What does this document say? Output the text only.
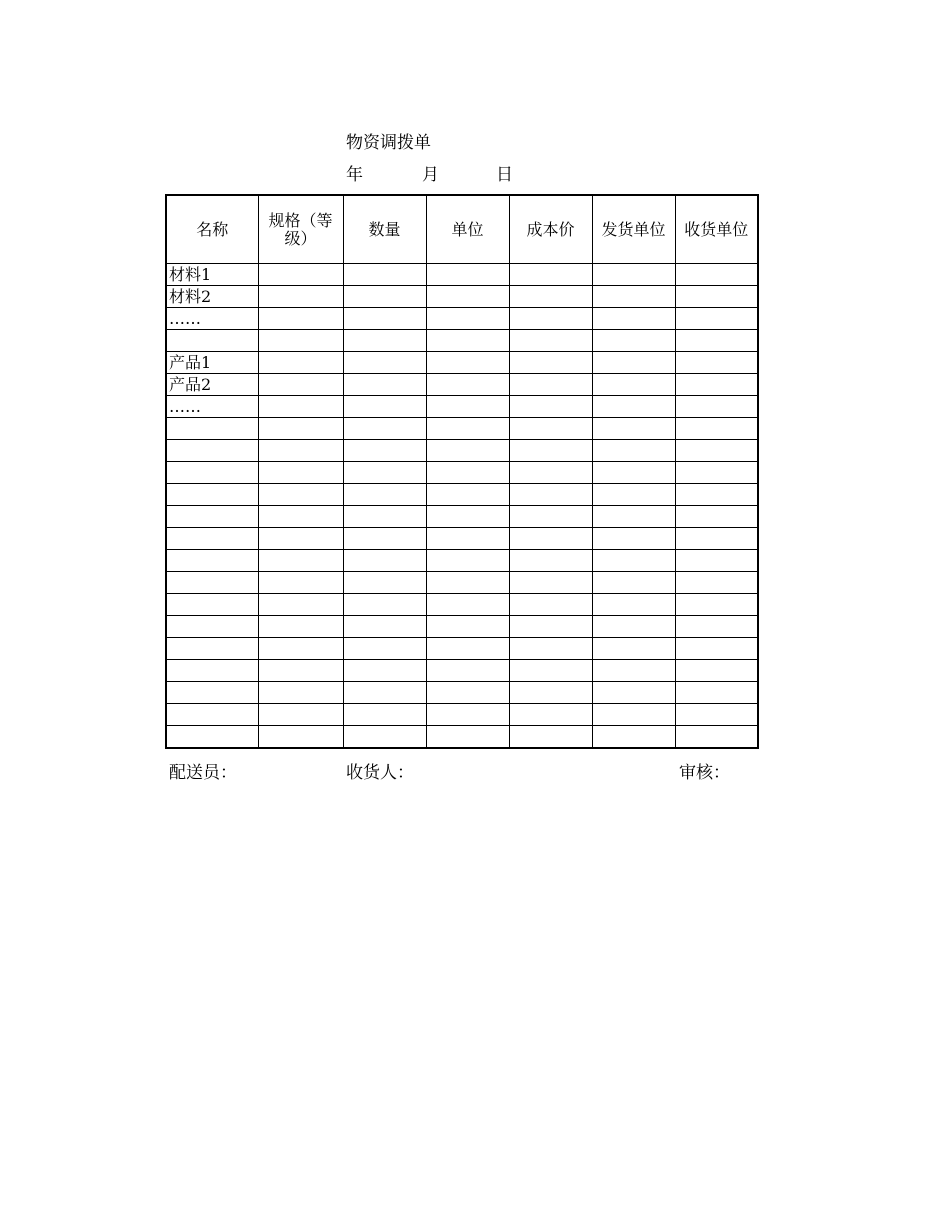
物资调拨单
年	月	日
名称	规格（等级）	数量	单位	成本价	发货单位	收货单位
材料1						
材料2						
……						

产品1						
产品2						
……						

配送员：	收货人：	审核：
